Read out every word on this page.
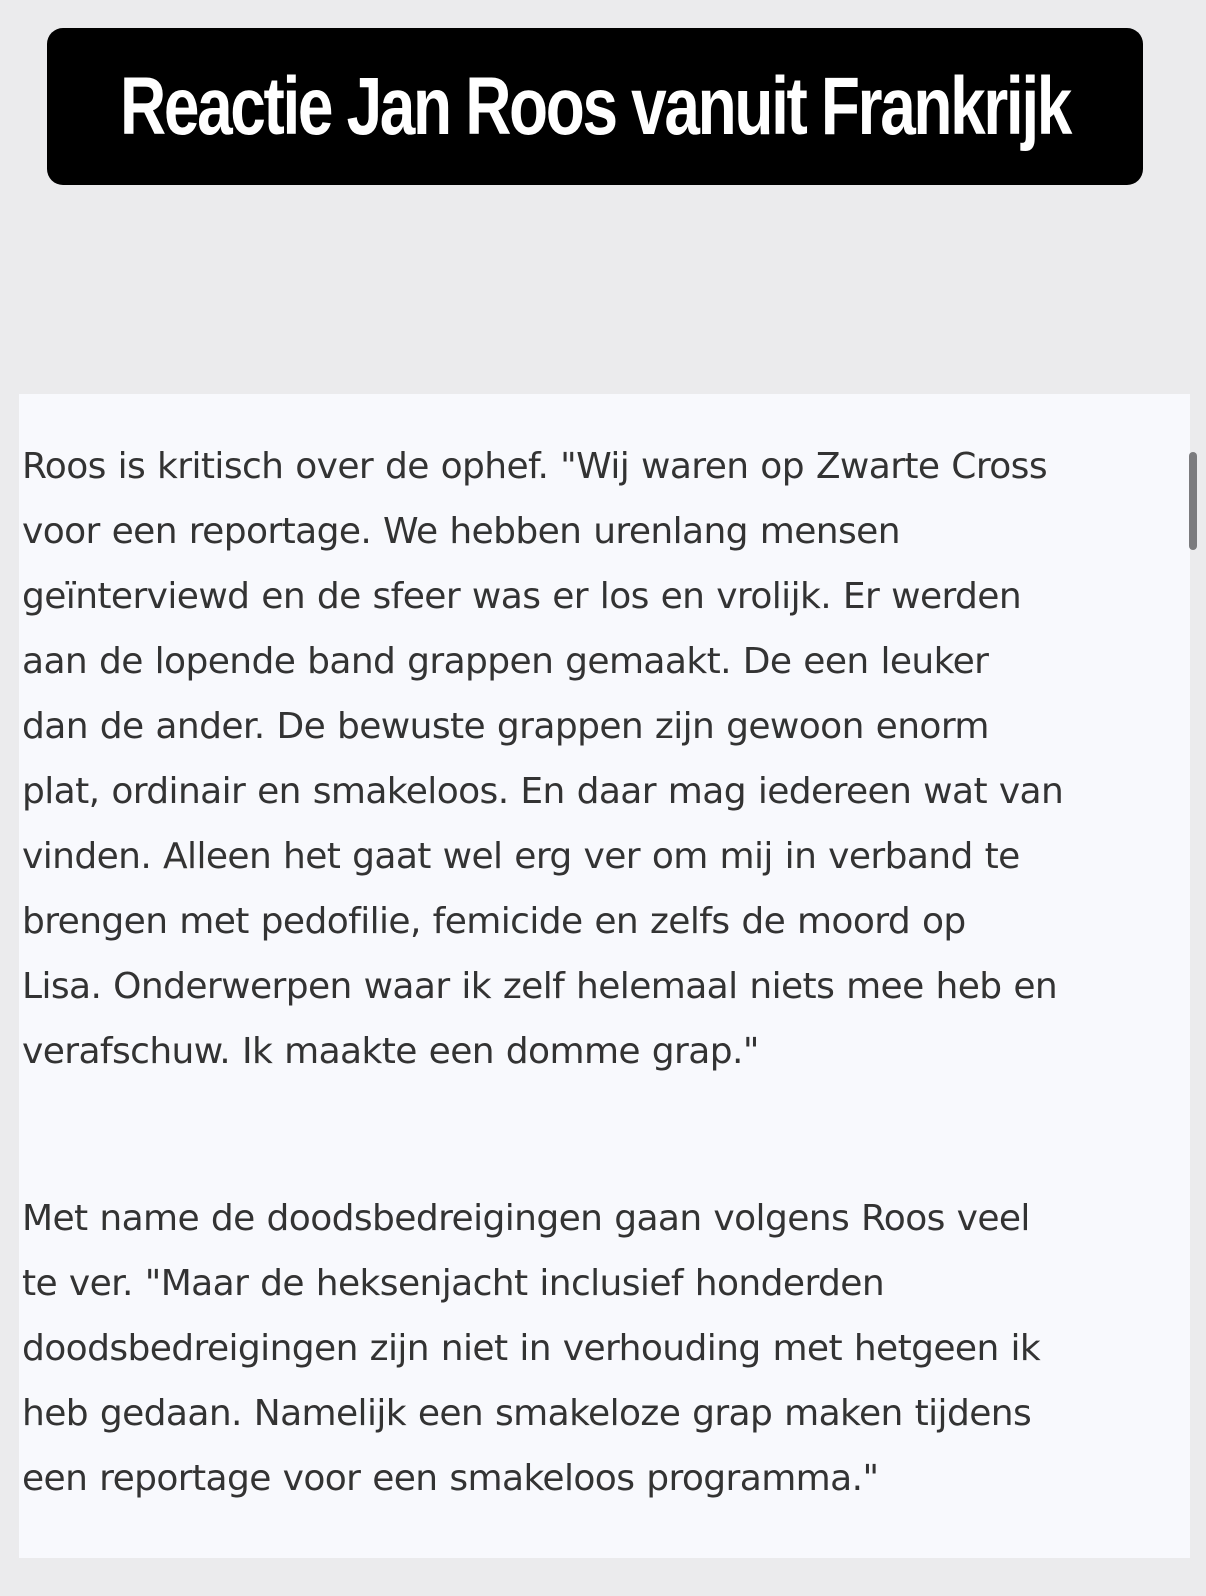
Reactie Jan Roos vanuit Frankrijk

Roos is kritisch over de ophef. "Wij waren op Zwarte Cross
voor een reportage. We hebben urenlang mensen
geïnterviewd en de sfeer was er los en vrolijk. Er werden
aan de lopende band grappen gemaakt. De een leuker
dan de ander. De bewuste grappen zijn gewoon enorm
plat, ordinair en smakeloos. En daar mag iedereen wat van
vinden. Alleen het gaat wel erg ver om mij in verband te
brengen met pedofilie, femicide en zelfs de moord op
Lisa. Onderwerpen waar ik zelf helemaal niets mee heb en
verafschuw. Ik maakte een domme grap."

Met name de doodsbedreigingen gaan volgens Roos veel
te ver. "Maar de heksenjacht inclusief honderden
doodsbedreigingen zijn niet in verhouding met hetgeen ik
heb gedaan. Namelijk een smakeloze grap maken tijdens
een reportage voor een smakeloos programma."
